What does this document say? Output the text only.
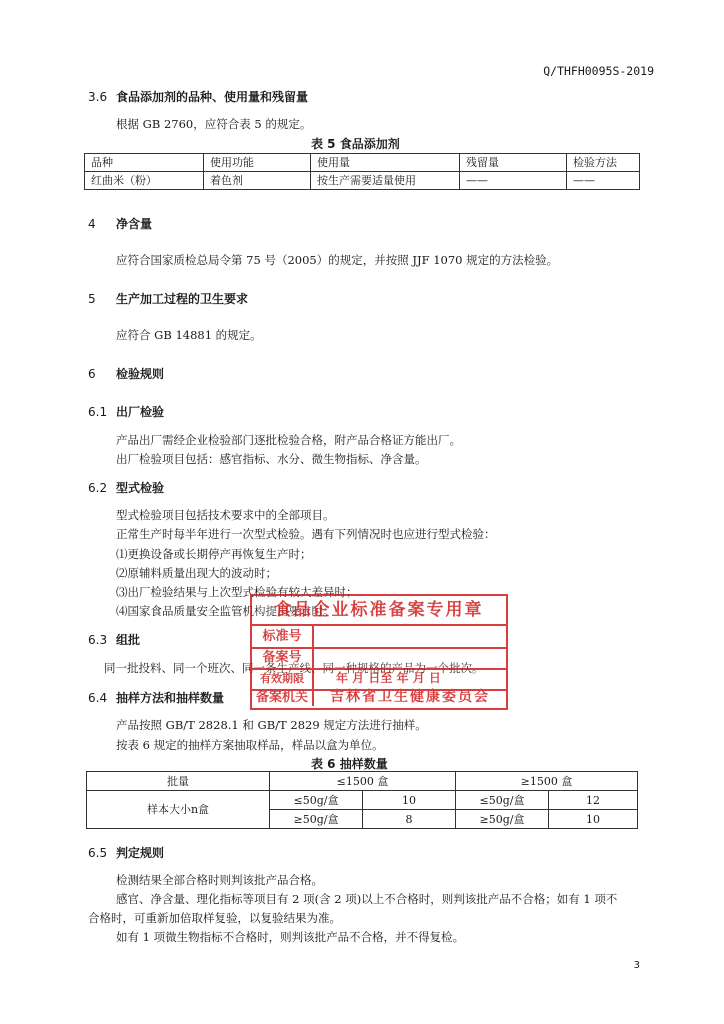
Q/THFH0095S-2019
3.6 食品添加剂的品种、使用量和残留量
根据 GB 2760，应符合表 5 的规定。
表 5 食品添加剂
品种	使用功能	使用量	残留量	检验方法
红曲米（粉）	着色剂	按生产需要适量使用	——	——
4 净含量
应符合国家质检总局令第 75 号（2005）的规定，并按照 JJF 1070 规定的方法检验。
5 生产加工过程的卫生要求
应符合 GB 14881 的规定。
6 检验规则
6.1 出厂检验
产品出厂需经企业检验部门逐批检验合格，附产品合格证方能出厂。
出厂检验项目包括：感官指标、水分、微生物指标、净含量。
6.2 型式检验
型式检验项目包括技术要求中的全部项目。
正常生产时每半年进行一次型式检验。遇有下列情况时也应进行型式检验：
⑴更换设备或长期停产再恢复生产时；
⑵原辅料质量出现大的波动时；
⑶出厂检验结果与上次型式检验有较大差异时；
⑷国家食品质量安全监管机构提出要求时。
6.3 组批
同一批投料、同一个班次、同一条生产线、同一种规格的产品为一个批次。
6.4 抽样方法和抽样数量
产品按照 GB/T 2828.1 和 GB/T 2829 规定方法进行抽样。
按表 6 规定的抽样方案抽取样品，样品以盒为单位。
表 6 抽样数量
批量	≤1500 盒		≥1500 盒	
样本大小n盒	≤50g/盒	10	≤50g/盒	12
	≥50g/盒	8	≥50g/盒	10
6.5 判定规则
检测结果全部合格时则判该批产品合格。
感官、净含量、理化指标等项目有 2 项(含 2 项)以上不合格时，则判该批产品不合格；如有 1 项不
合格时，可重新加倍取样复验，以复验结果为准。
如有 1 项微生物指标不合格时，则判该批产品不合格，并不得复检。
食品企业标准备案专用章
标准号
备案号
有效期限	年 月 日至 年 月 日
备案机关	吉林省卫生健康委员会
3
